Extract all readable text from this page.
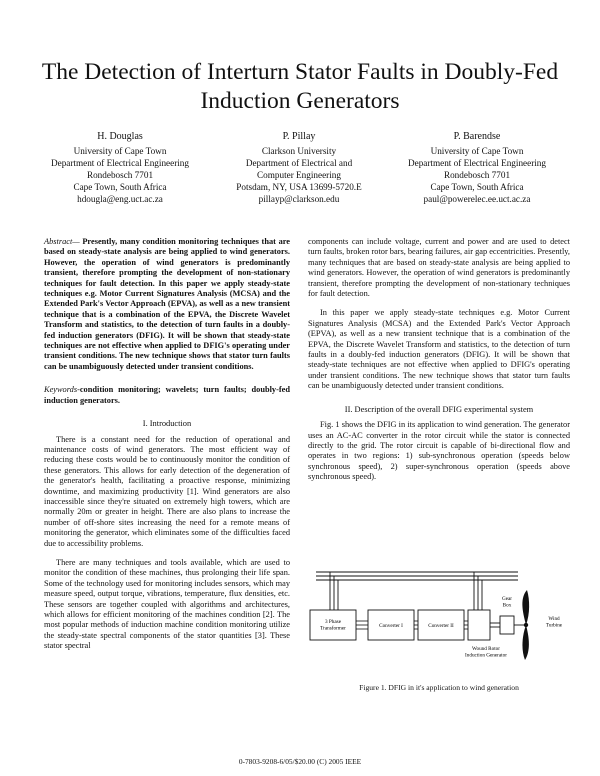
The Detection of Interturn Stator Faults in Doubly-Fed Induction Generators
H. Douglas
University of Cape Town
Department of Electrical Engineering
Rondebosch 7701
Cape Town, South Africa
hdougla@eng.uct.ac.za
P. Pillay
Clarkson University
Department of Electrical and
Computer Engineering
Potsdam, NY, USA 13699-5720.E
pillayp@clarkson.edu
P. Barendse
University of Cape Town
Department of Electrical Engineering
Rondebosch 7701
Cape Town, South Africa
paul@powerelec.ee.uct.ac.za

Abstract— Presently, many condition monitoring techniques that are based on steady-state analysis are being applied to wind generators. However, the operation of wind generators is predominantly transient, therefore prompting the development of non-stationary techniques for fault detection. In this paper we apply steady-state techniques e.g. Motor Current Signatures Analysis (MCSA) and the Extended Park's Vector Approach (EPVA), as well as a new transient technique that is a combination of the EPVA, the Discrete Wavelet Transform and statistics, to the detection of turn faults in a doubly-fed induction generators (DFIG). It will be shown that steady-state techniques are not effective when applied to DFIG's operating under transient conditions. The new technique shows that stator turn faults can be unambiguously detected under transient conditions.

Keywords-condition monitoring; wavelets; turn faults; doubly-fed induction generators.

I. Introduction

There is a constant need for the reduction of operational and maintenance costs of wind generators. The most efficient way of reducing these costs would be to continuously monitor the condition of these generators. This allows for early detection of the degeneration of the generator's health, facilitating a proactive response, minimizing downtime, and maximizing productivity [1]. Wind generators are also inaccessible since they're situated on extremely high towers, which are normally 20m or greater in height. There are also plans to increase the number of off-shore sites increasing the need for a remote means of monitoring the generator, which eliminates some of the difficulties faced due to accessibility problems.

There are many techniques and tools available, which are used to monitor the condition of these machines, thus prolonging their life span. Some of the technology used for monitoring includes sensors, which may measure speed, output torque, vibrations, temperature, flux densities, etc. These sensors are together coupled with algorithms and architectures, which allows for efficient monitoring of the machines condition [2]. The most popular methods of induction machine condition monitoring utilize the steady-state spectral components of the stator quantities [3]. These stator spectral

components can include voltage, current and power and are used to detect turn faults, broken rotor bars, bearing failures, air gap eccentricities. Presently, many techniques that are based on steady-state analysis are being applied to wind generators. However, the operation of wind generators is predominantly transient, therefore prompting the development of non-stationary techniques for fault detection.

In this paper we apply steady-state techniques e.g. Motor Current Signatures Analysis (MCSA) and the Extended Park's Vector Approach (EPVA), as well as a new transient technique that is a combination of the EPVA, the Discrete Wavelet Transform and statistics, to the detection of turn faults in a doubly-fed induction generators (DFIG). It will be shown that steady-state techniques are not effective when applied to DFIG's operating under transient conditions. The new technique shows that stator turn faults can be unambiguously detected under transient conditions.

II. Description of the overall DFIG experimental system

Fig. 1 shows the DFIG in its application to wind generation. The generator uses an AC-AC converter in the rotor circuit while the stator is connected directly to the grid. The rotor circuit is capable of bi-directional flow and operates in two regions: 1) sub-synchronous operation (speeds below synchronous speed), 2) super-synchronous operation (speeds above synchronous speed).

3 Phase Transformer	Converter I	Converter II
Gear Box
Wound Rotor Induction Generator
Wind Turbine
Figure 1. DFIG in it's application to wind generation
0-7803-9208-6/05/$20.00 (C) 2005 IEEE
